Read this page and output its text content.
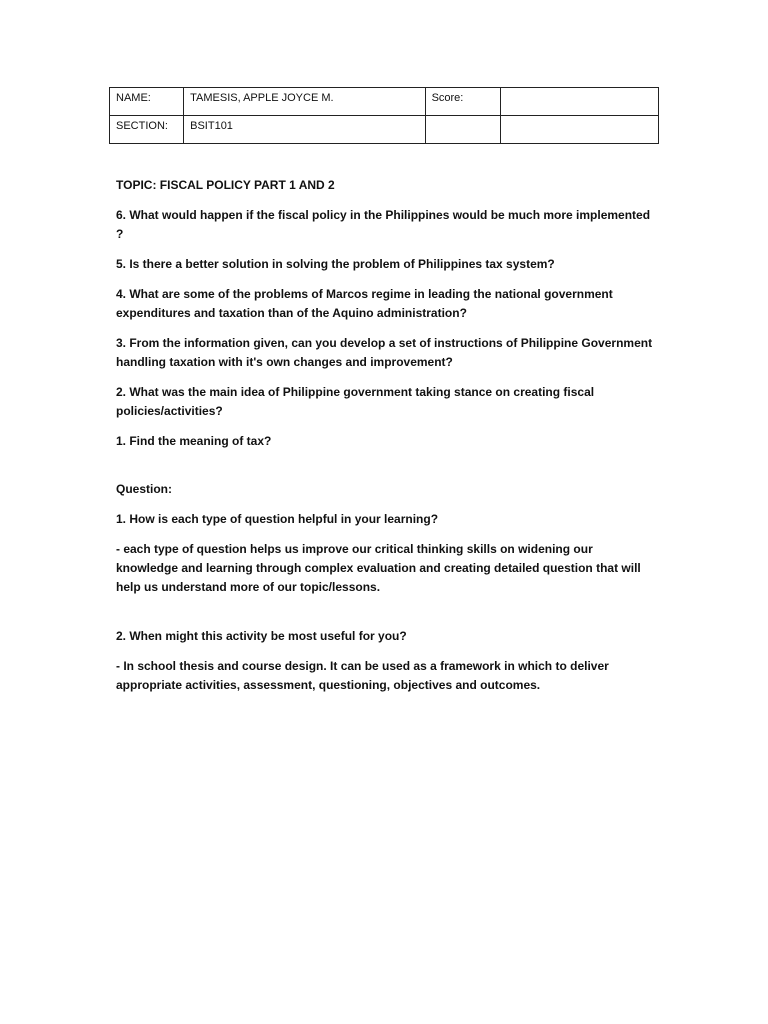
NAME:	TAMESIS, APPLE JOYCE M.	Score:	
SECTION:	BSIT101		

TOPIC: FISCAL POLICY PART 1 AND 2

6. What would happen if the fiscal policy in the Philippines would be much more implemented ?

5. Is there a better solution in solving the problem of Philippines tax system?

4. What are some of the problems of Marcos regime in leading the national government expenditures and taxation than of the Aquino administration?

3. From the information given, can you develop a set of instructions of Philippine Government handling taxation with it's own changes and improvement?

2. What was the main idea of Philippine government taking stance on creating fiscal policies/activities?

1. Find the meaning of tax?

Question:

1. How is each type of question helpful in your learning?

- each type of question helps us improve our critical thinking skills on widening our knowledge and learning through complex evaluation and creating detailed question that will help us understand more of our topic/lessons.

2. When might this activity be most useful for you?

- In school thesis and course design. It can be used as a framework in which to deliver appropriate activities, assessment, questioning, objectives and outcomes.
